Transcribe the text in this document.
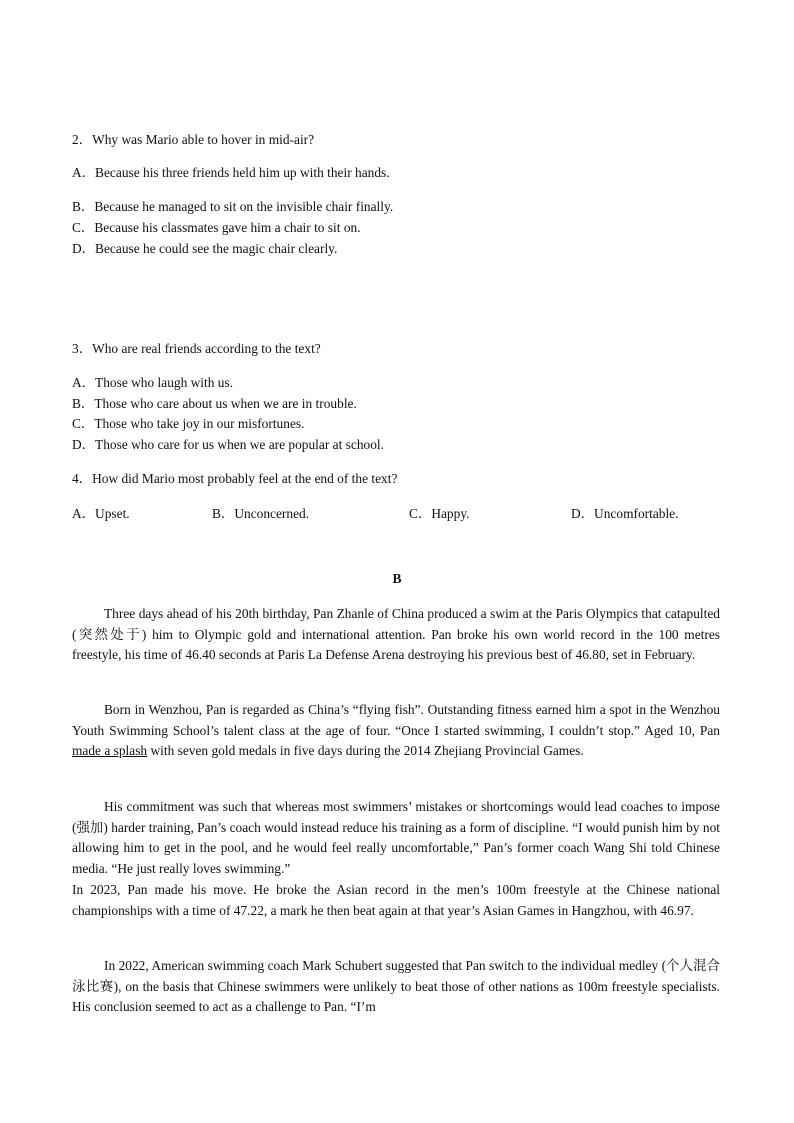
2．Why was Mario able to hover in mid-air?
A．Because his three friends held him up with their hands.
B．Because he managed to sit on the invisible chair finally.
C．Because his classmates gave him a chair to sit on.
D．Because he could see the magic chair clearly.
3．Who are real friends according to the text?
A．Those who laugh with us.
B．Those who care about us when we are in trouble.
C．Those who take joy in our misfortunes.
D．Those who care for us when we are popular at school.
4．How did Mario most probably feel at the end of the text?
A．Upset.	B．Unconcerned.	C．Happy.	D．Uncomfortable.
B
Three days ahead of his 20th birthday, Pan Zhanle of China produced a swim at the Paris Olympics that catapulted (突然处于) him to Olympic gold and international attention. Pan broke his own world record in the 100 metres freestyle, his time of 46.40 seconds at Paris La Defense Arena destroying his previous best of 46.80, set in February.
Born in Wenzhou, Pan is regarded as China’s “flying fish”. Outstanding fitness earned him a spot in the Wenzhou Youth Swimming School’s talent class at the age of four. “Once I started swimming, I couldn’t stop.” Aged 10, Pan made a splash with seven gold medals in five days during the 2014 Zhejiang Provincial Games.
His commitment was such that whereas most swimmers’ mistakes or shortcomings would lead coaches to impose (强加) harder training, Pan’s coach would instead reduce his training as a form of discipline. “I would punish him by not allowing him to get in the pool, and he would feel really uncomfortable,” Pan’s former coach Wang Shi told Chinese media. “He just really loves swimming.”
In 2023, Pan made his move. He broke the Asian record in the men’s 100m freestyle at the Chinese national championships with a time of 47.22, a mark he then beat again at that year’s Asian Games in Hangzhou, with 46.97.
In 2022, American swimming coach Mark Schubert suggested that Pan switch to the individual medley (个人混合泳比赛), on the basis that Chinese swimmers were unlikely to beat those of other nations as 100m freestyle specialists. His conclusion seemed to act as a challenge to Pan. “I’m
